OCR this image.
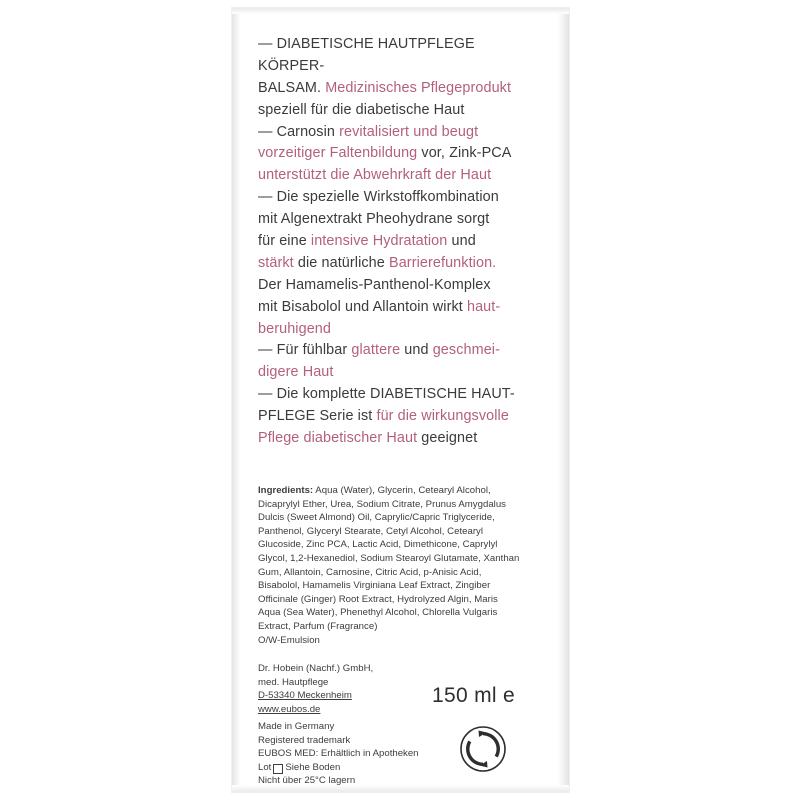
— DIABETISCHE HAUTPFLEGE KÖRPER-

BALSAM. Medizinisches Pflegeprodukt

speziell für die diabetische Haut

— Carnosin revitalisiert und beugt

vorzeitiger Faltenbildung vor, Zink-PCA

unterstützt die Abwehrkraft der Haut

— Die spezielle Wirkstoffkombination

mit Algenextrakt Pheohydrane sorgt

für eine intensive Hydratation und

stärkt die natürliche Barrierefunktion.

Der Hamamelis-Panthenol-Komplex

mit Bisabolol und Allantoin wirkt haut-

beruhigend

— Für fühlbar glattere und geschmei-

digere Haut

— Die komplette DIABETISCHE HAUT-

PFLEGE Serie ist für die wirkungsvolle

Pflege diabetischer Haut geeignet

Ingredients: Aqua (Water), Glycerin, Cetearyl Alcohol, Dicaprylyl Ether, Urea, Sodium Citrate, Prunus Amygdalus Dulcis (Sweet Almond) Oil, Caprylic/Capric Triglyceride, Panthenol, Glyceryl Stearate, Cetyl Alcohol, Cetearyl Glucoside, Zinc PCA, Lactic Acid, Dimethicone, Caprylyl Glycol, 1,2-Hexanediol, Sodium Stearoyl Glutamate, Xanthan Gum, Allantoin, Carnosine, Citric Acid, p-Anisic Acid, Bisabolol, Hamamelis Virginiana Leaf Extract, Zingiber Officinale (Ginger) Root Extract, Hydrolyzed Algin, Maris Aqua (Sea Water), Phenethyl Alcohol, Chlorella Vulgaris Extract, Parfum (Fragrance)
O/W-Emulsion
Dr. Hobein (Nachf.) GmbH,
med. Hautpflege
D-53340 Meckenheim
www.eubos.de
Made in Germany
Registered trademark
EUBOS MED: Erhältlich in Apotheken
Lot Siehe Boden
Nicht über 25°C lagern
150 ml e
